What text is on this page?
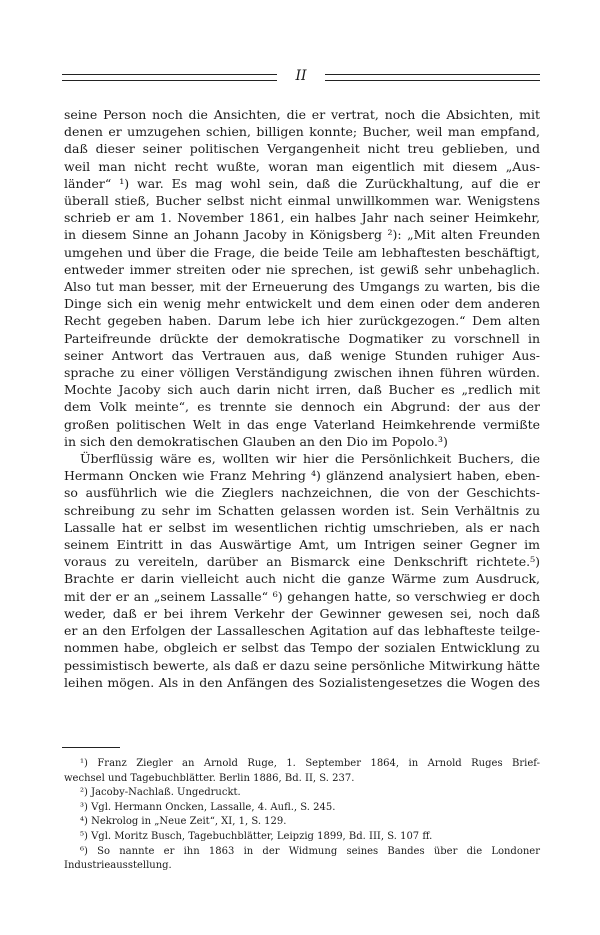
II
seine Person noch die Ansichten, die er vertrat, noch die Absichten, mit
denen er umzugehen schien, billigen konnte; Bucher, weil man empfand,
daß dieser seiner politischen Vergangenheit nicht treu geblieben, und
weil man nicht recht wußte, woran man eigentlich mit diesem „Aus-
länder“ ¹) war. Es mag wohl sein, daß die Zurückhaltung, auf die er
überall stieß, Bucher selbst nicht einmal unwillkommen war. Wenigstens
schrieb er am 1. November 1861, ein halbes Jahr nach seiner Heimkehr,
in diesem Sinne an Johann Jacoby in Königsberg ²): „Mit alten Freunden
umgehen und über die Frage, die beide Teile am lebhaftesten beschäftigt,
entweder immer streiten oder nie sprechen, ist gewiß sehr unbehaglich.
Also tut man besser, mit der Erneuerung des Umgangs zu warten, bis die
Dinge sich ein wenig mehr entwickelt und dem einen oder dem anderen
Recht gegeben haben. Darum lebe ich hier zurückgezogen.“ Dem alten
Parteifreunde drückte der demokratische Dogmatiker zu vorschnell in
seiner Antwort das Vertrauen aus, daß wenige Stunden ruhiger Aus-
sprache zu einer völligen Verständigung zwischen ihnen führen würden.
Mochte Jacoby sich auch darin nicht irren, daß Bucher es „redlich mit
dem Volk meinte“, es trennte sie dennoch ein Abgrund: der aus der
großen politischen Welt in das enge Vaterland Heimkehrende vermißte
in sich den demokratischen Glauben an den Dio im Popolo.³)
Überflüssig wäre es, wollten wir hier die Persönlichkeit Buchers, die
Hermann Oncken wie Franz Mehring ⁴) glänzend analysiert haben, eben-
so ausführlich wie die Zieglers nachzeichnen, die von der Geschichts-
schreibung zu sehr im Schatten gelassen worden ist. Sein Verhältnis zu
Lassalle hat er selbst im wesentlichen richtig umschrieben, als er nach
seinem Eintritt in das Auswärtige Amt, um Intrigen seiner Gegner im
voraus zu vereiteln, darüber an Bismarck eine Denkschrift richtete.⁵)
Brachte er darin vielleicht auch nicht die ganze Wärme zum Ausdruck,
mit der er an „seinem Lassalle“ ⁶) gehangen hatte, so verschwieg er doch
weder, daß er bei ihrem Verkehr der Gewinner gewesen sei, noch daß
er an den Erfolgen der Lassalleschen Agitation auf das lebhafteste teilge-
nommen habe, obgleich er selbst das Tempo der sozialen Entwicklung zu
pessimistisch bewerte, als daß er dazu seine persönliche Mitwirkung hätte
leihen mögen. Als in den Anfängen des Sozialistengesetzes die Wogen des
¹) Franz Ziegler an Arnold Ruge, 1. September 1864, in Arnold Ruges Brief-
wechsel und Tagebuchblätter. Berlin 1886, Bd. II, S. 237.
²) Jacoby-Nachlaß. Ungedruckt.
³) Vgl. Hermann Oncken, Lassalle, 4. Aufl., S. 245.
⁴) Nekrolog in „Neue Zeit“, XI, 1, S. 129.
⁵) Vgl. Moritz Busch, Tagebuchblätter, Leipzig 1899, Bd. III, S. 107 ff.
⁶) So nannte er ihn 1863 in der Widmung seines Bandes über die Londoner
Industrieausstellung.
